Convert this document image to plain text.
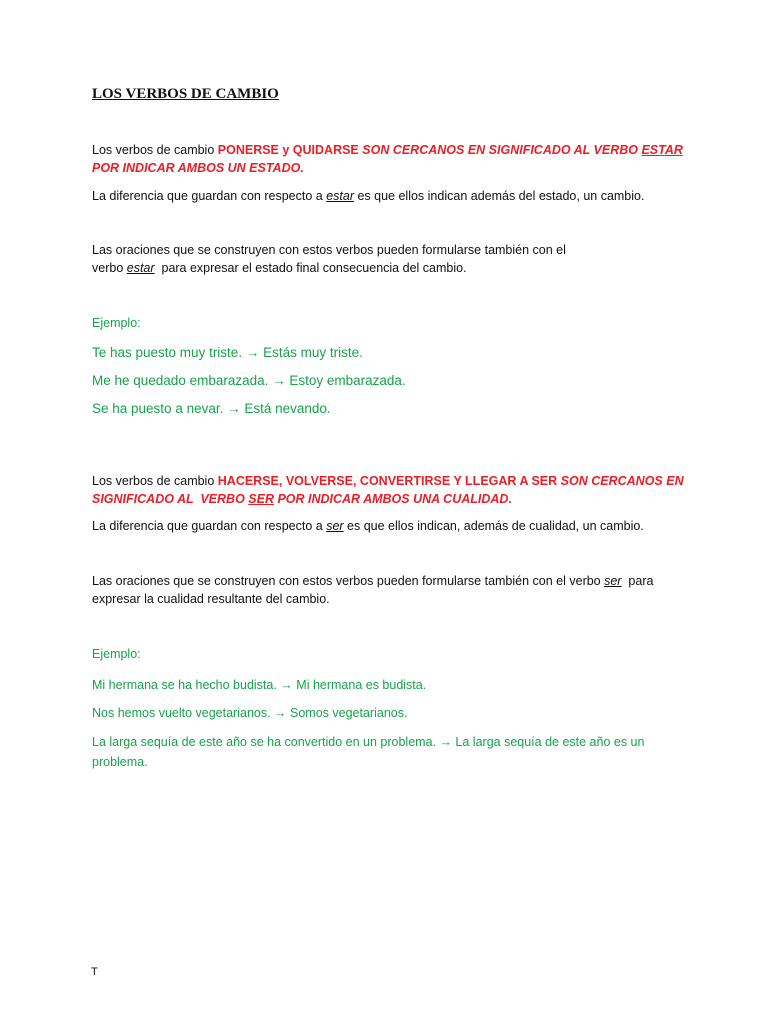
LOS VERBOS DE CAMBIO
Los verbos de cambio PONERSE y QUIDARSE SON CERCANOS EN SIGNIFICADO AL VERBO ESTAR POR INDICAR AMBOS UN ESTADO.
La diferencia que guardan con respecto a estar es que ellos indican además del estado, un cambio.
Las oraciones que se construyen con estos verbos pueden formularse también con el
verbo estar  para expresar el estado final consecuencia del cambio.
Ejemplo:
Te has puesto muy triste. → Estás muy triste.
Me he quedado embarazada. → Estoy embarazada.
Se ha puesto a nevar. → Está nevando.
Los verbos de cambio HACERSE, VOLVERSE, CONVERTIRSE Y LLEGAR A SER SON CERCANOS EN SIGNIFICADO AL  VERBO SER POR INDICAR AMBOS UNA CUALIDAD.
La diferencia que guardan con respecto a ser es que ellos indican, además de cualidad, un cambio.
Las oraciones que se construyen con estos verbos pueden formularse también con el verbo ser  para expresar la cualidad resultante del cambio.
Ejemplo:
Mi hermana se ha hecho budista. → Mi hermana es budista.
Nos hemos vuelto vegetarianos. → Somos vegetarianos.
La larga sequía de este año se ha convertido en un problema. → La larga sequía de este año es un problema.
T
